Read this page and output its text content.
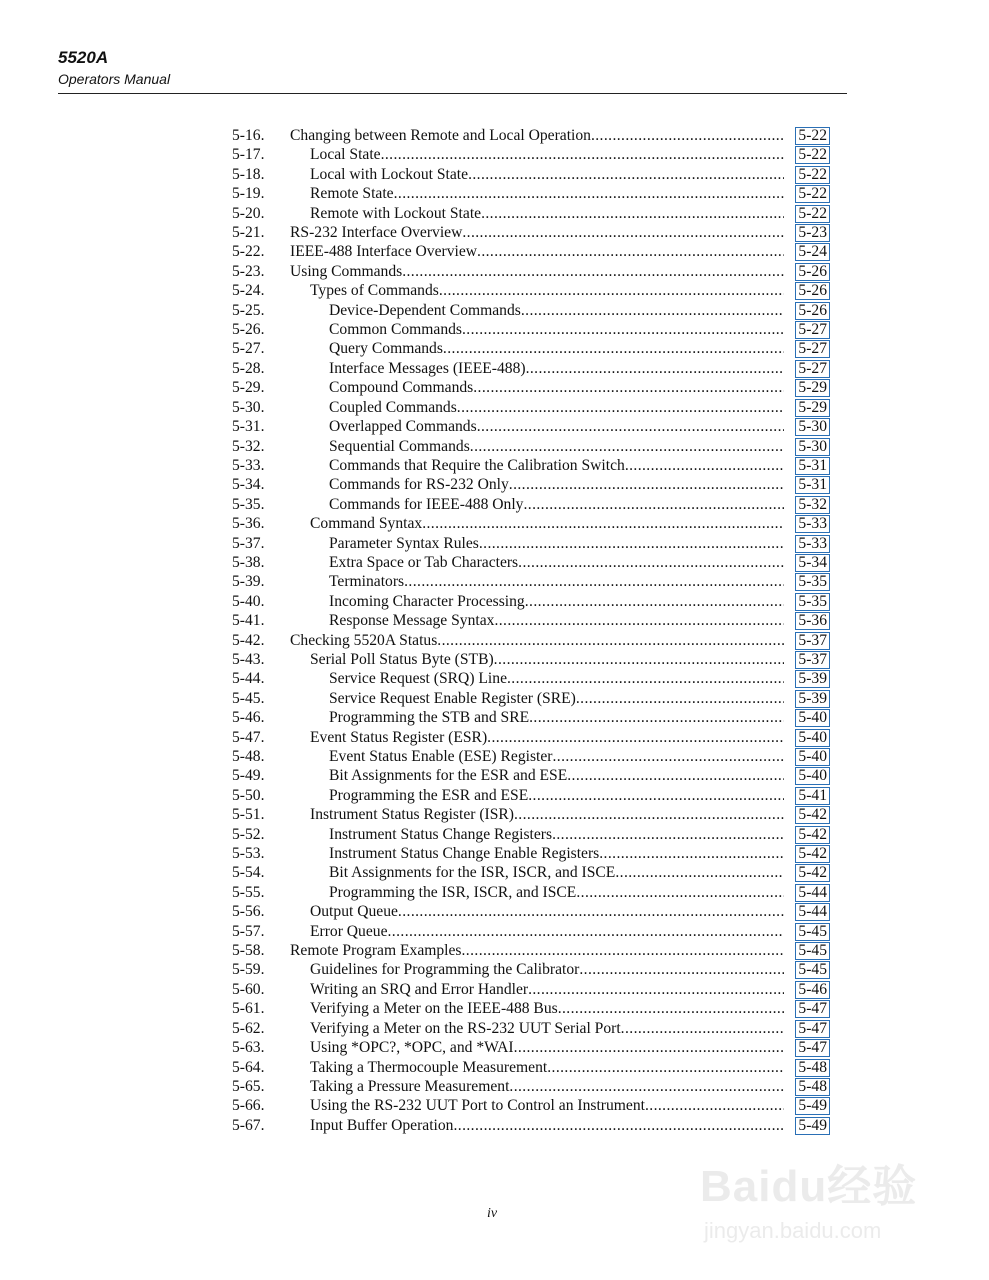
5520A
Operators Manual
5-16. Changing between Remote and Local Operation .....	5-22
5-17.	Local State .....	5-22
5-18.	Local with Lockout State .....	5-22
5-19.	Remote State .....	5-22
5-20.	Remote with Lockout State .....	5-22
5-21. RS-232 Interface Overview .....	5-23
5-22. IEEE-488 Interface Overview .....	5-24
5-23. Using Commands .....	5-26
5-24.	Types of Commands .....	5-26
5-25.	Device-Dependent Commands .....	5-26
5-26.	Common Commands .....	5-27
5-27.	Query Commands .....	5-27
5-28.	Interface Messages (IEEE-488) .....	5-27
5-29.	Compound Commands .....	5-29
5-30.	Coupled Commands .....	5-29
5-31.	Overlapped Commands .....	5-30
5-32.	Sequential Commands .....	5-30
5-33.	Commands that Require the Calibration Switch .....	5-31
5-34.	Commands for RS-232 Only .....	5-31
5-35.	Commands for IEEE-488 Only .....	5-32
5-36.	Command Syntax .....	5-33
5-37.	Parameter Syntax Rules .....	5-33
5-38.	Extra Space or Tab Characters .....	5-34
5-39.	Terminators .....	5-35
5-40.	Incoming Character Processing .....	5-35
5-41.	Response Message Syntax .....	5-36
5-42. Checking 5520A Status .....	5-37
5-43.	Serial Poll Status Byte (STB) .....	5-37
5-44.	Service Request (SRQ) Line .....	5-39
5-45.	Service Request Enable Register (SRE) .....	5-39
5-46.	Programming the STB and SRE .....	5-40
5-47.	Event Status Register (ESR) .....	5-40
5-48.	Event Status Enable (ESE) Register .....	5-40
5-49.	Bit Assignments for the ESR and ESE .....	5-40
5-50.	Programming the ESR and ESE .....	5-41
5-51.	Instrument Status Register (ISR) .....	5-42
5-52.	Instrument Status Change Registers .....	5-42
5-53.	Instrument Status Change Enable Registers .....	5-42
5-54.	Bit Assignments for the ISR, ISCR, and ISCE .....	5-42
5-55.	Programming the ISR, ISCR, and ISCE .....	5-44
5-56.	Output Queue .....	5-44
5-57.	Error Queue .....	5-45
5-58. Remote Program Examples .....	5-45
5-59.	Guidelines for Programming the Calibrator .....	5-45
5-60.	Writing an SRQ and Error Handler .....	5-46
5-61.	Verifying a Meter on the IEEE-488 Bus .....	5-47
5-62.	Verifying a Meter on the RS-232 UUT Serial Port .....	5-47
5-63.	Using *OPC?, *OPC, and *WAI .....	5-47
5-64.	Taking a Thermocouple Measurement .....	5-48
5-65.	Taking a Pressure Measurement .....	5-48
5-66.	Using the RS-232 UUT Port to Control an Instrument .....	5-49
5-67.	Input Buffer Operation .....	5-49
iv
Baidu经验
jingyan.baidu.com
